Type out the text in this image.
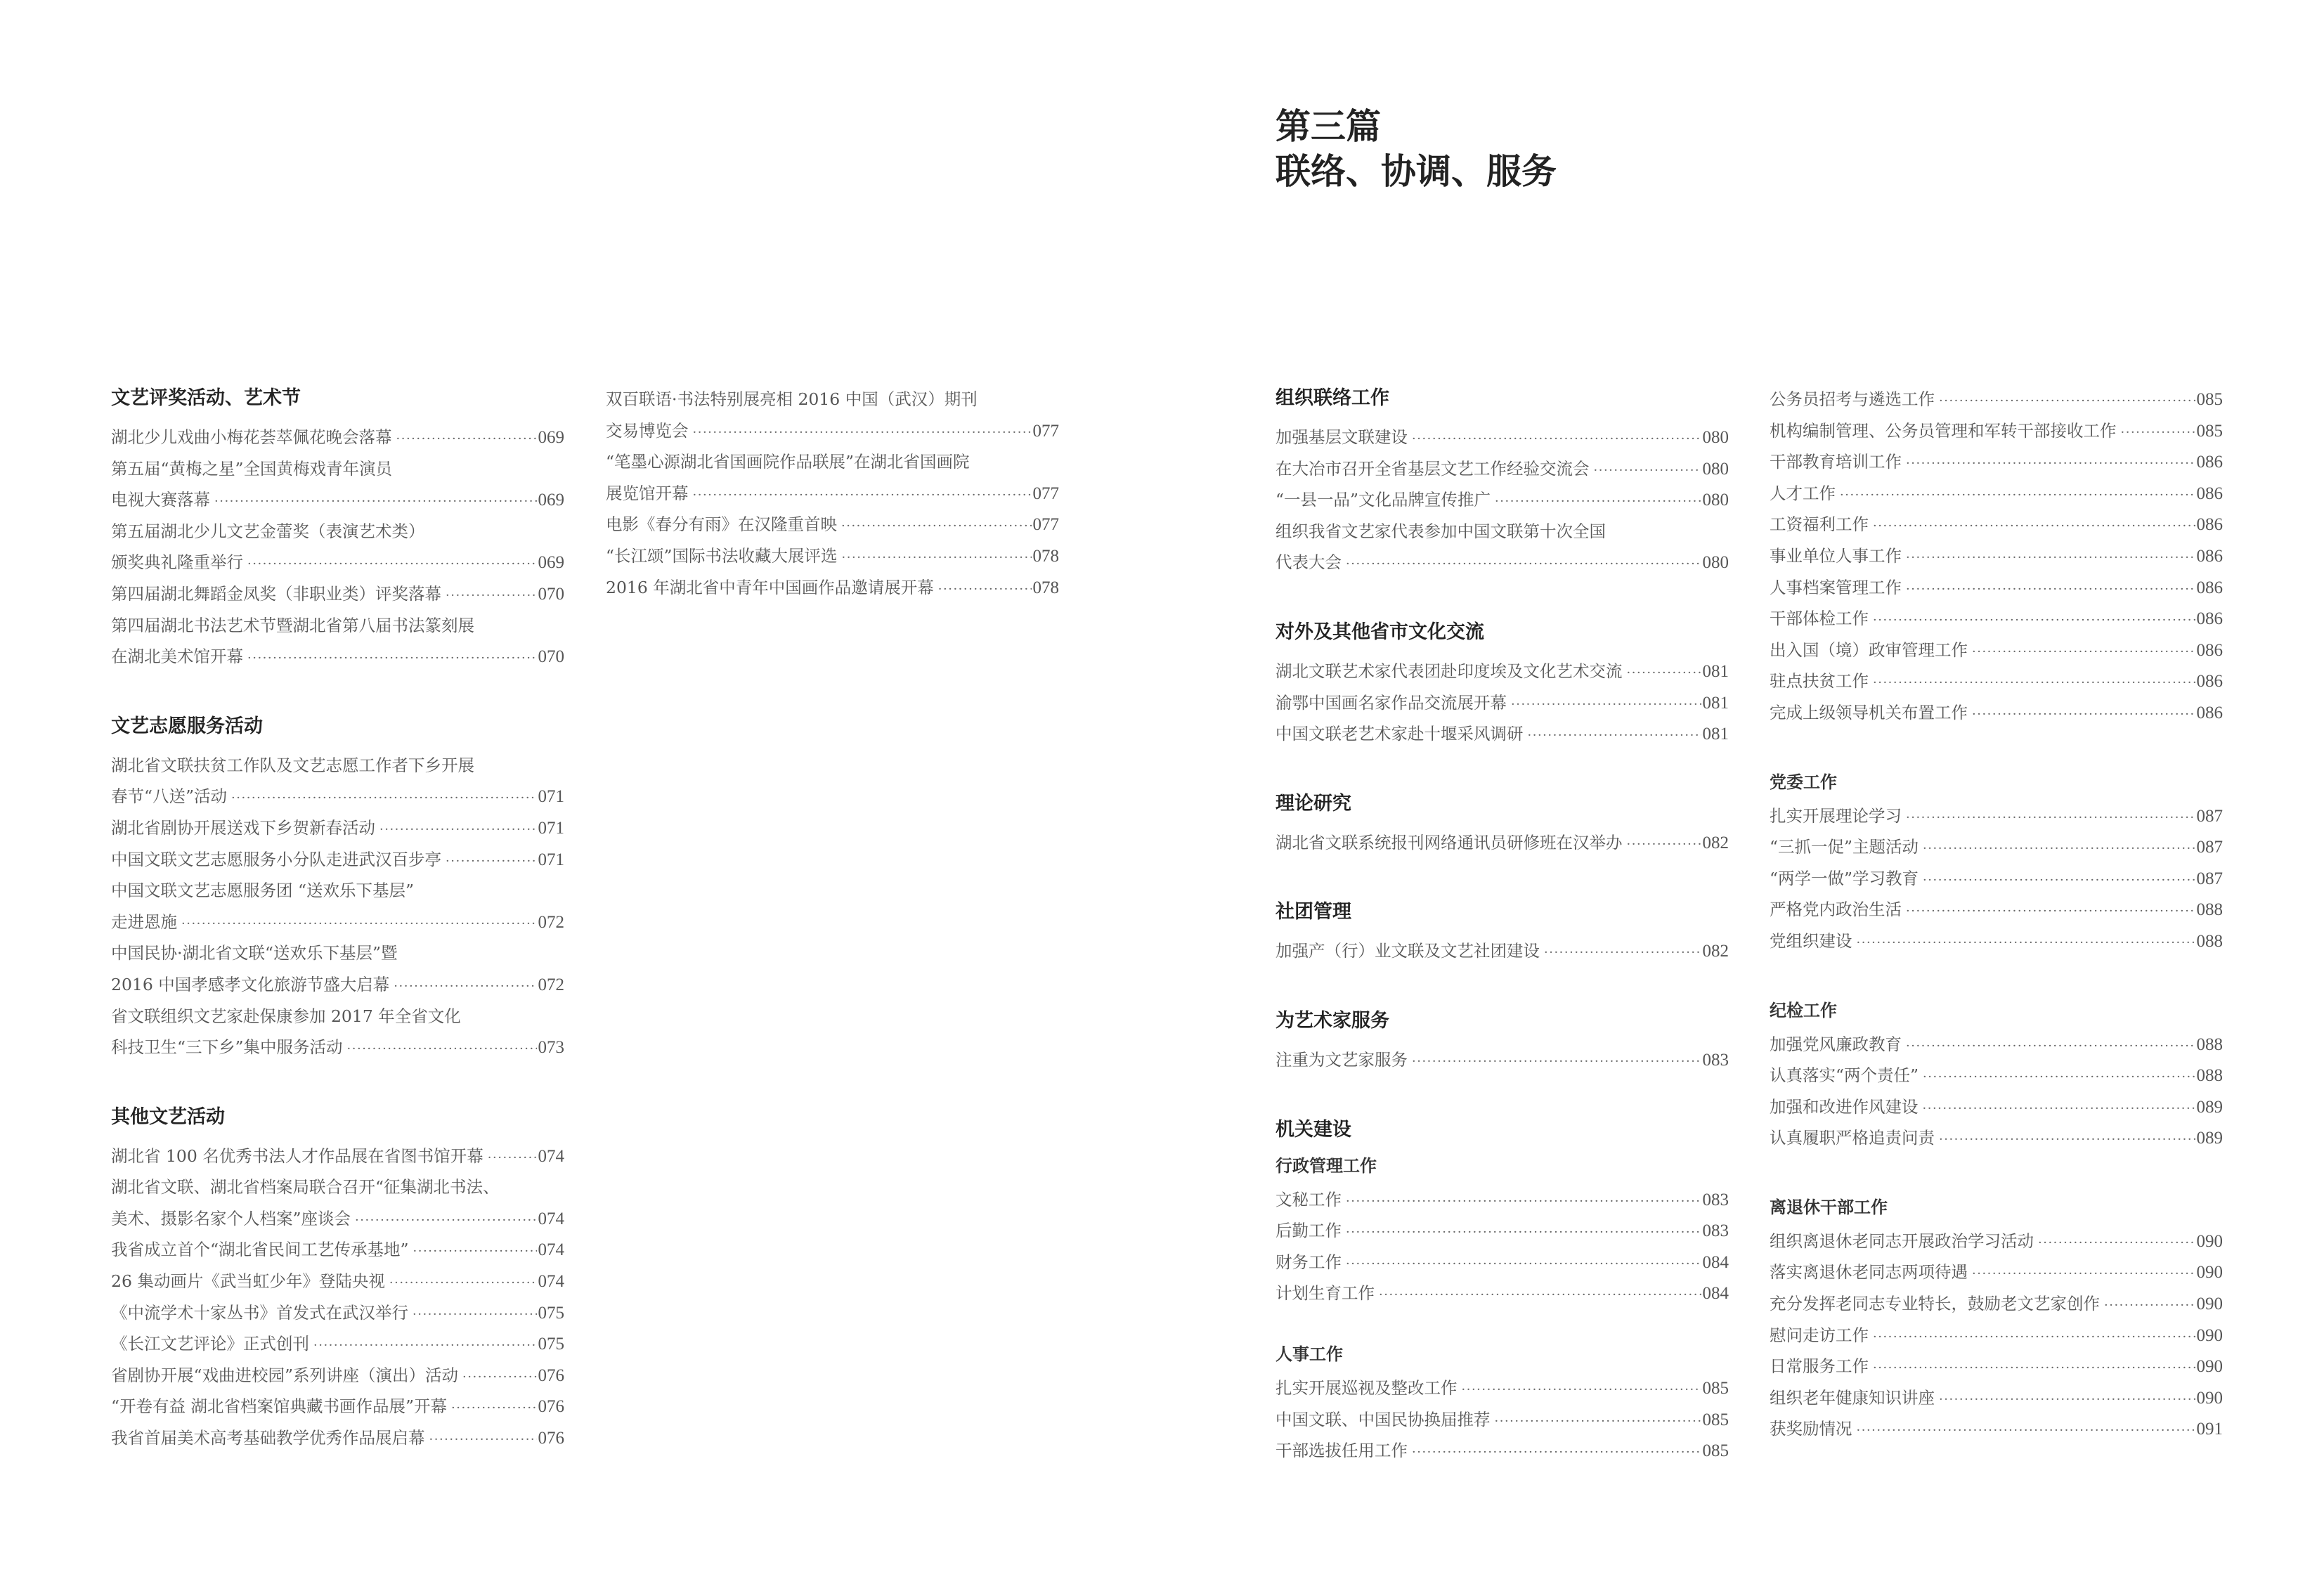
第三篇
联络、协调、服务
文艺评奖活动、艺术节
湖北少儿戏曲小梅花荟萃佩花晚会落幕 ·····	069
第五届“黄梅之星”全国黄梅戏青年演员
电视大赛落幕 ·····	069
第五届湖北少儿文艺金蕾奖（表演艺术类）
颁奖典礼隆重举行 ·····	069
第四届湖北舞蹈金凤奖（非职业类）评奖落幕 ·····	070
第四届湖北书法艺术节暨湖北省第八届书法篆刻展
在湖北美术馆开幕 ·····	070
文艺志愿服务活动
湖北省文联扶贫工作队及文艺志愿工作者下乡开展
春节“八送”活动 ·····	071
湖北省剧协开展送戏下乡贺新春活动 ·····	071
中国文联文艺志愿服务小分队走进武汉百步亭 ·····	071
中国文联文艺志愿服务团 “送欢乐下基层”
走进恩施 ·····	072
中国民协·湖北省文联“送欢乐下基层”暨
2016 中国孝感孝文化旅游节盛大启幕 ·····	072
省文联组织文艺家赴保康参加 2017 年全省文化
科技卫生“三下乡”集中服务活动 ·····	073
其他文艺活动
湖北省 100 名优秀书法人才作品展在省图书馆开幕 ·····	074
湖北省文联、湖北省档案局联合召开“征集湖北书法、
美术、摄影名家个人档案”座谈会 ·····	074
我省成立首个“湖北省民间工艺传承基地” ·····	074
26 集动画片《武当虹少年》登陆央视 ·····	074
《中流学术十家丛书》首发式在武汉举行 ·····	075
《长江文艺评论》正式创刊 ·····	075
省剧协开展“戏曲进校园”系列讲座（演出）活动 ·····	076
“开卷有益 湖北省档案馆典藏书画作品展”开幕 ·····	076
我省首届美术高考基础教学优秀作品展启幕 ·····	076
双百联语·书法特别展亮相 2016 中国（武汉）期刊
交易博览会 ·····	077
“笔墨心源湖北省国画院作品联展”在湖北省国画院
展览馆开幕 ·····	077
电影《春分有雨》在汉隆重首映 ·····	077
“长江颂”国际书法收藏大展评选 ·····	078
2016 年湖北省中青年中国画作品邀请展开幕 ·····	078
组织联络工作
加强基层文联建设 ·····	080
在大冶市召开全省基层文艺工作经验交流会 ·····	080
“一县一品”文化品牌宣传推广 ·····	080
组织我省文艺家代表参加中国文联第十次全国
代表大会 ·····	080
对外及其他省市文化交流
湖北文联艺术家代表团赴印度埃及文化艺术交流 ·····	081
渝鄂中国画名家作品交流展开幕 ·····	081
中国文联老艺术家赴十堰采风调研 ·····	081
理论研究
湖北省文联系统报刊网络通讯员研修班在汉举办 ·····	082
社团管理
加强产（行）业文联及文艺社团建设 ·····	082
为艺术家服务
注重为文艺家服务 ·····	083
机关建设
行政管理工作
文秘工作 ·····	083
后勤工作 ·····	083
财务工作 ·····	084
计划生育工作 ·····	084
人事工作
扎实开展巡视及整改工作 ·····	085
中国文联、中国民协换届推荐 ·····	085
干部选拔任用工作 ·····	085
公务员招考与遴选工作 ·····	085
机构编制管理、公务员管理和军转干部接收工作 ·····	085
干部教育培训工作 ·····	086
人才工作 ·····	086
工资福利工作 ·····	086
事业单位人事工作 ·····	086
人事档案管理工作 ·····	086
干部体检工作 ·····	086
出入国（境）政审管理工作 ·····	086
驻点扶贫工作 ·····	086
完成上级领导机关布置工作 ·····	086
党委工作
扎实开展理论学习 ·····	087
“三抓一促”主题活动 ·····	087
“两学一做”学习教育 ·····	087
严格党内政治生活 ·····	088
党组织建设 ·····	088
纪检工作
加强党风廉政教育 ·····	088
认真落实“两个责任” ·····	088
加强和改进作风建设 ·····	089
认真履职严格追责问责 ·····	089
离退休干部工作
组织离退休老同志开展政治学习活动 ·····	090
落实离退休老同志两项待遇 ·····	090
充分发挥老同志专业特长，鼓励老文艺家创作 ·····	090
慰问走访工作 ·····	090
日常服务工作 ·····	090
组织老年健康知识讲座 ·····	090
获奖励情况 ·····	091
